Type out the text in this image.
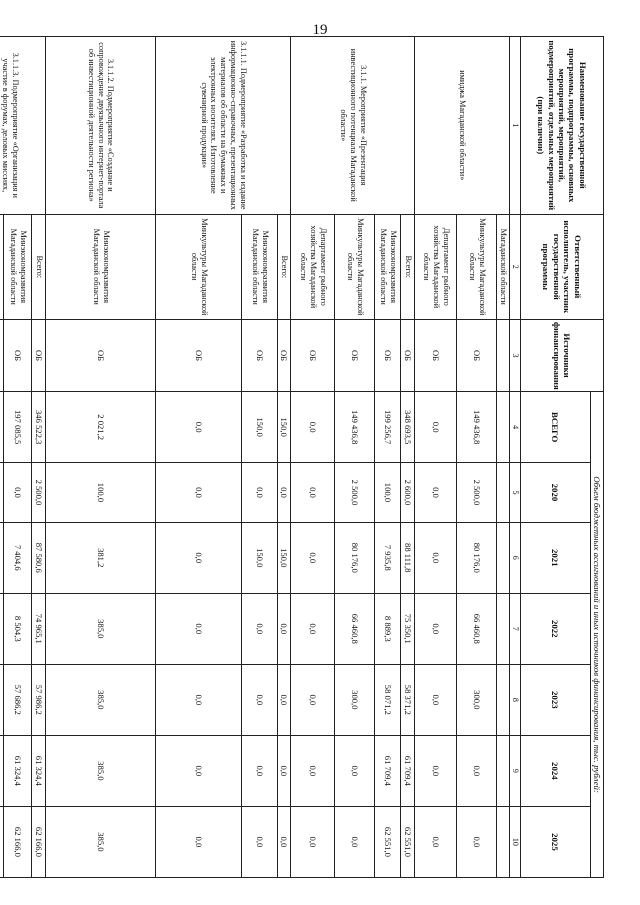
19
Наименование государственной программы, подпрограммы, основных мероприятий, мероприятий, подмероприятий, отдельных мероприятий (при наличии)	Ответственный исполнитель, участник государственной программы	Источники финансирования	Объем бюджетных ассигнований и иных источников финансирования, тыс. рублей:						
			ВСЕГО	2020	2021	2022	2023	2024	2025
1	2	3	4	5	6	7	8	9	10
имиджа Магаданской области»	Магаданской области								
	Минкультуры Магаданской области	ОБ	149 436,8	2 500,0	80 176,0	66 460,8	300,0	0,0	0,0
	Департамент рыбного хозяйства Магаданской области	ОБ	0,0	0,0	0,0	0,0	0,0	0,0	0,0
3.1.1. Мероприятие «Презентация инвестиционного потенциала Магаданской области»	Всего:	ОБ	348 693,5	2 600,0	88 111,8	75 350,1	58 371,2	61 709,4	62 551,0
	Минэкономразвития Магаданской области	ОБ	199 256,7	100,0	7 935,8	8 889,3	58 071,2	61 709,4	62 551,0
	Минкультуры Магаданской области	ОБ	149 436,8	2 500,0	80 176,0	66 460,8	300,0	0,0	0,0
	Департамент рыбного хозяйства Магаданской области	ОБ	0,0	0,0	0,0	0,0	0,0	0,0	0,0
3.1.1.1. Подмероприятие «Разработка и издание информационно-справочных, презентационных материалов об области на бумажных и электронных носителях. Изготовление сувенирной продукции»	Всего:	ОБ	150,0	0,0	150,0	0,0	0,0	0,0	0,0
	Минэкономразвития Магаданской области	ОБ	150,0	0,0	150,0	0,0	0,0	0,0	0,0
	Минкультуры Магаданской области	ОБ	0,0	0,0	0,0	0,0	0,0	0,0	0,0
3.1.1.2. Подмероприятие «Создание и сопровождение двуязычного интернет-портала об инвестиционной деятельности региона»	Минэкономразвития Магаданской области	ОБ	2 021,2	100,0	381,2	385,0	385,0	385,0	385,0
3.1.1.3. Подмероприятие «Организация и участие в форумах, деловых миссиях,	Всего:	ОБ	346 522,3	2 500,0	87 580,6	74 965,1	57 986,2	61 324,4	62 166,0
	Минэкономразвития Магаданской области	ОБ	197 085,5	0,0	7 404,6	8 504,3	57 686,2	61 324,4	62 166,0
